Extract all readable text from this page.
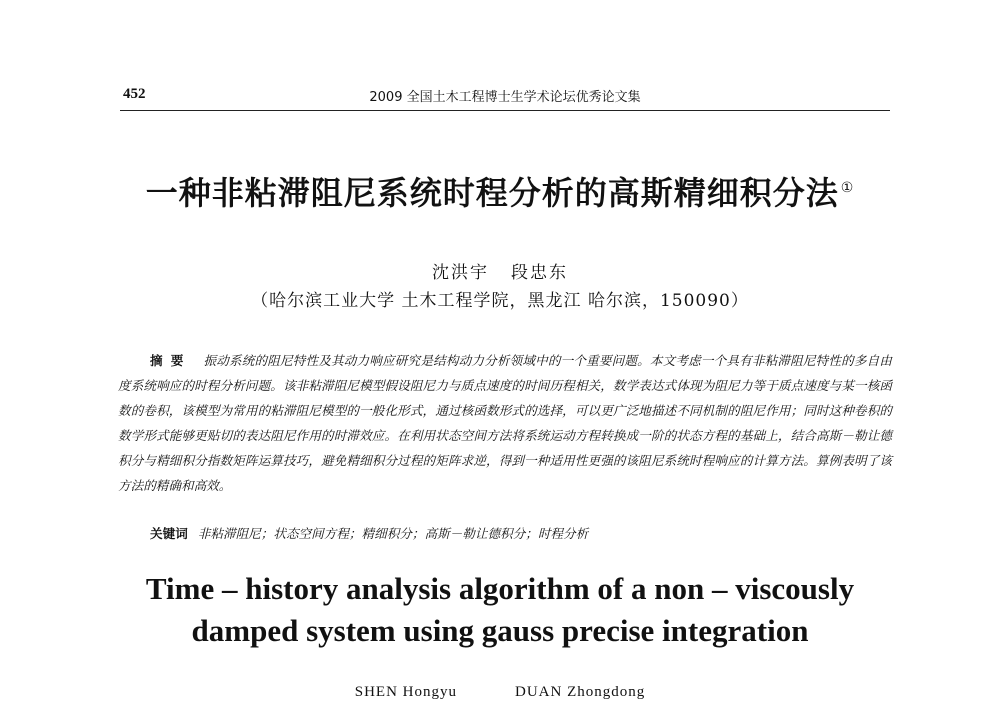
452	2009 全国土木工程博士生学术论坛优秀论文集
一种非粘滞阻尼系统时程分析的高斯精细积分法 ①
沈洪宇 段忠东
（哈尔滨工业大学 土木工程学院，黑龙江 哈尔滨，150090）
摘要 振动系统的阻尼特性及其动力响应研究是结构动力分析领域中的一个重要问题。本文考虑一个具有非粘滞阻尼特性的多自由度系统响应的时程分析问题。该非粘滞阻尼模型假设阻尼力与质点速度的时间历程相关，数学表达式体现为阻尼力等于质点速度与某一核函数的卷积，该模型为常用的粘滞阻尼模型的一般化形式，通过核函数形式的选择，可以更广泛地描述不同机制的阻尼作用；同时这种卷积的数学形式能够更贴切的表达阻尼作用的时滞效应。在利用状态空间方法将系统运动方程转换成一阶的状态方程的基础上，结合高斯－勒让德积分与精细积分指数矩阵运算技巧，避免精细积分过程的矩阵求逆，得到一种适用性更强的该阻尼系统时程响应的计算方法。算例表明了该方法的精确和高效。
关键词 非粘滞阻尼；状态空间方程；精细积分；高斯－勒让德积分；时程分析
Time – history analysis algorithm of a non – viscously
damped system using gauss precise integration
SHEN Hongyu	DUAN Zhongdong
